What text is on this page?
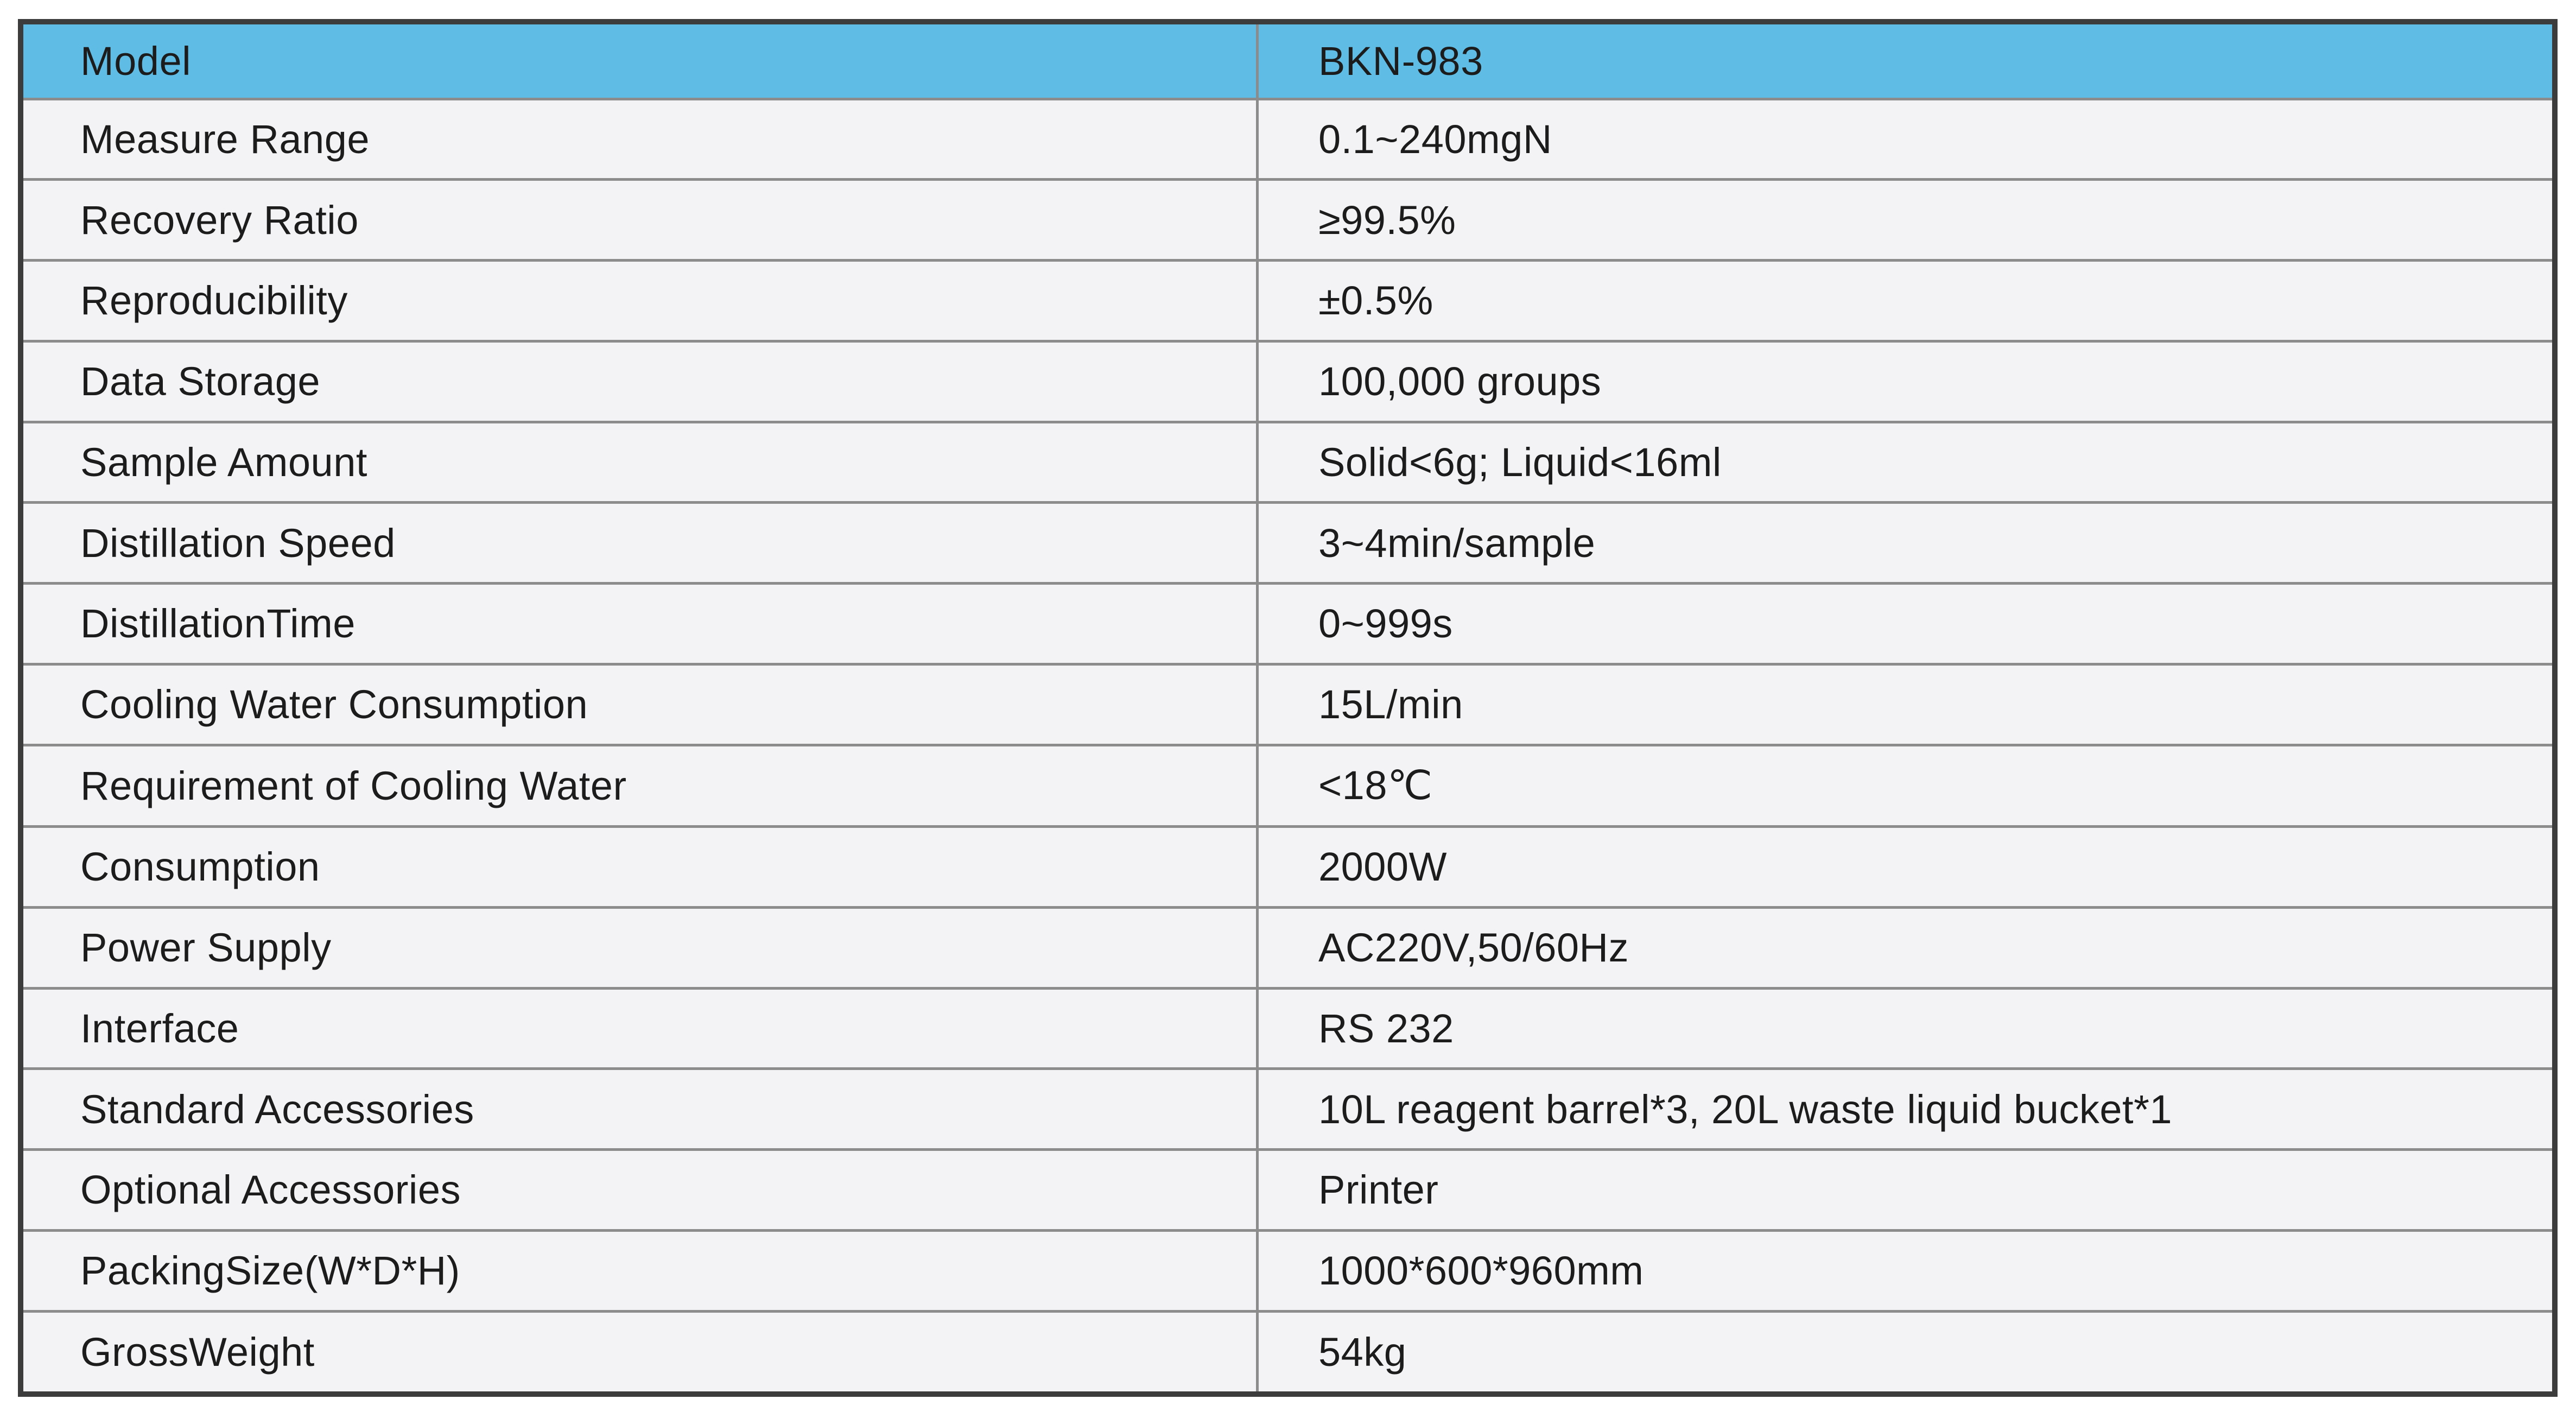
Model	BKN-983
Measure Range	0.1~240mgN
Recovery Ratio	≥99.5%
Reproducibility	±0.5%
Data Storage	100,000 groups
Sample Amount	Solid<6g; Liquid<16ml
Distillation Speed	3~4min/sample
DistillationTime	0~999s
Cooling Water Consumption	15L/min
Requirement of Cooling Water	<18℃
Consumption	2000W
Power Supply	AC220V,50/60Hz
Interface	RS 232
Standard Accessories	10L reagent barrel*3, 20L waste liquid bucket*1
Optional Accessories	Printer
PackingSize(W*D*H)	1000*600*960mm
GrossWeight	54kg
